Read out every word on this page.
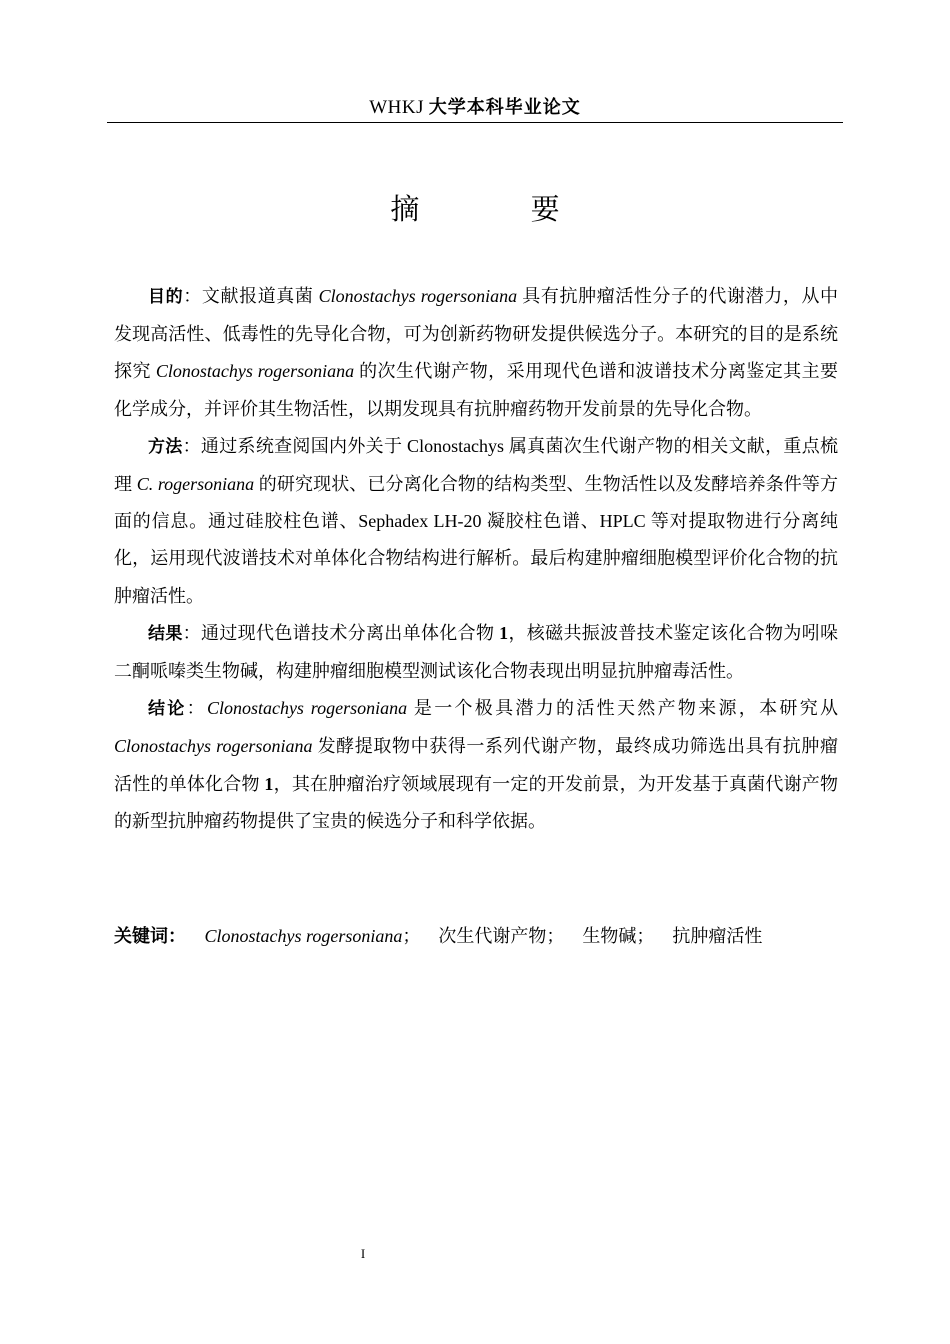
WHKJ 大学本科毕业论文
摘 要

目的：文献报道真菌 Clonostachys rogersoniana 具有抗肿瘤活性分子的代谢潜力，从中发现高活性、低毒性的先导化合物，可为创新药物研发提供候选分子。本研究的目的是系统探究 Clonostachys rogersoniana 的次生代谢产物，采用现代色谱和波谱技术分离鉴定其主要化学成分，并评价其生物活性，以期发现具有抗肿瘤药物开发前景的先导化合物。

方法：通过系统查阅国内外关于 Clonostachys 属真菌次生代谢产物的相关文献，重点梳理 C. rogersoniana 的研究现状、已分离化合物的结构类型、生物活性以及发酵培养条件等方面的信息。通过硅胶柱色谱、Sephadex LH-20 凝胶柱色谱、HPLC 等对提取物进行分离纯化，运用现代波谱技术对单体化合物结构进行解析。最后构建肿瘤细胞模型评价化合物的抗肿瘤活性。

结果：通过现代色谱技术分离出单体化合物 1，核磁共振波普技术鉴定该化合物为吲哚二酮哌嗪类生物碱，构建肿瘤细胞模型测试该化合物表现出明显抗肿瘤毒活性。

结论：Clonostachys rogersoniana 是一个极具潜力的活性天然产物来源，本研究从 Clonostachys rogersoniana 发酵提取物中获得一系列代谢产物，最终成功筛选出具有抗肿瘤活性的单体化合物 1，其在肿瘤治疗领域展现有一定的开发前景，为开发基于真菌代谢产物的新型抗肿瘤药物提供了宝贵的候选分子和科学依据。

关键词： Clonostachys rogersoniana； 次生代谢产物； 生物碱； 抗肿瘤活性
I
